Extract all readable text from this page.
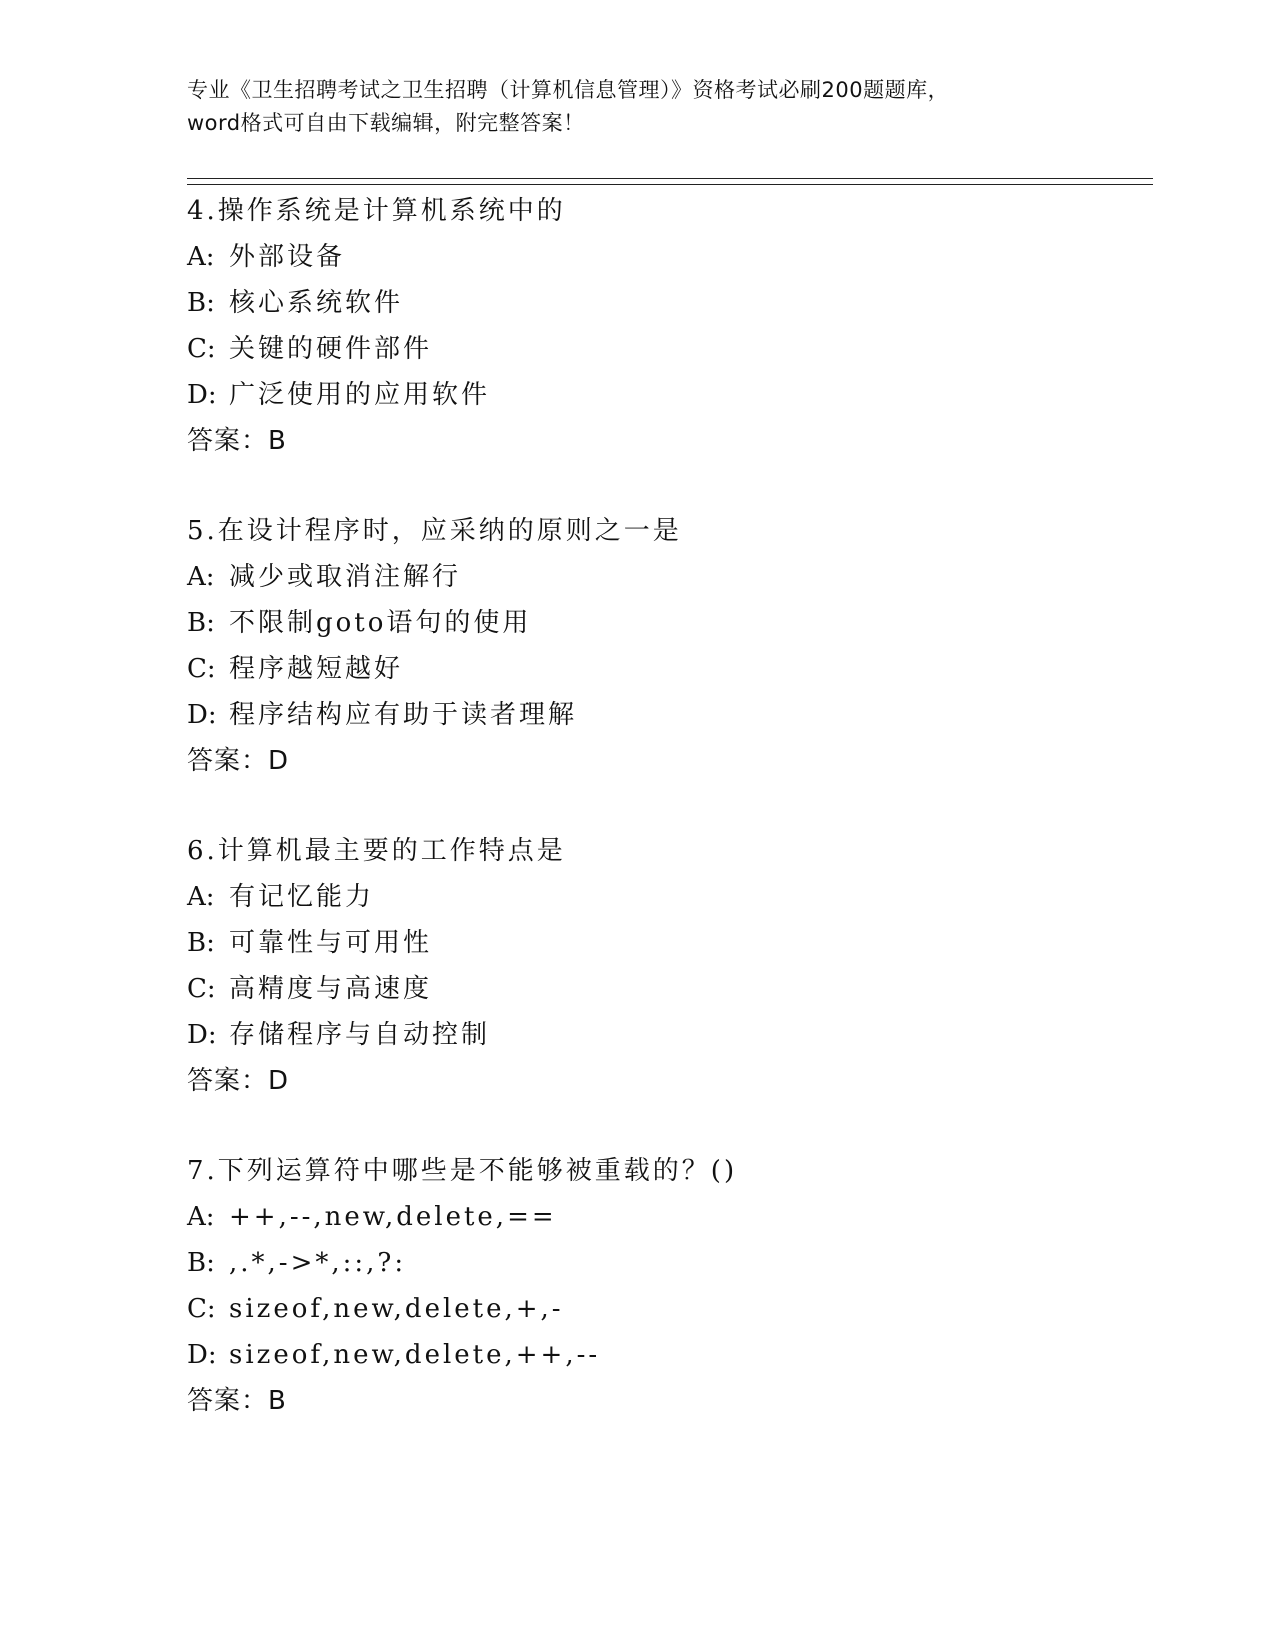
专业《卫生招聘考试之卫生招聘（计算机信息管理）》资格考试必刷200题题库，
word格式可自由下载编辑，附完整答案！
4.操作系统是计算机系统中的
A: 外部设备
B: 核心系统软件
C: 关键的硬件部件
D: 广泛使用的应用软件
答案：B
5.在设计程序时，应采纳的原则之一是
A: 减少或取消注解行
B: 不限制goto语句的使用
C: 程序越短越好
D: 程序结构应有助于读者理解
答案：D
6.计算机最主要的工作特点是
A: 有记忆能力
B: 可靠性与可用性
C: 高精度与高速度
D: 存储程序与自动控制
答案：D
7.下列运算符中哪些是不能够被重载的？()
A: ++,--,new,delete,==
B: ,.*,->*,::,?:
C: sizeof,new,delete,+,-
D: sizeof,new,delete,++,--
答案：B
